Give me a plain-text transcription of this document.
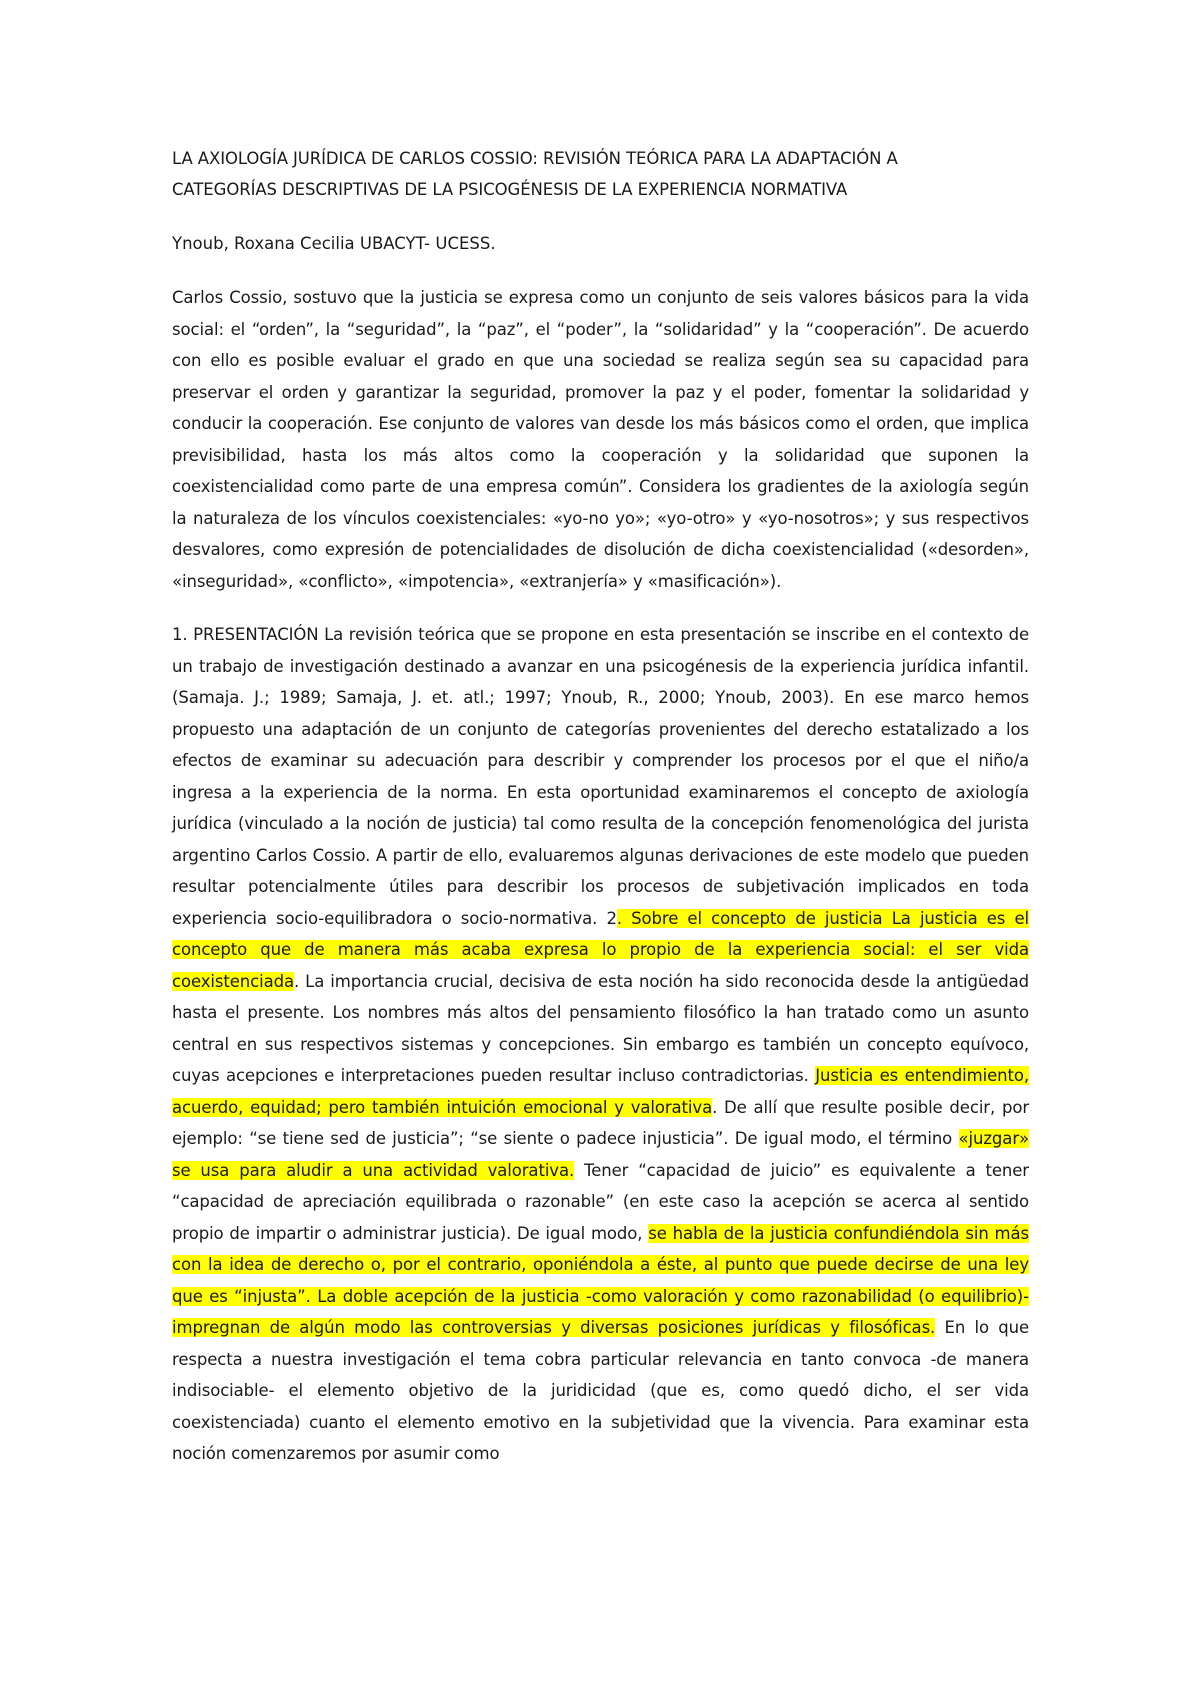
LA AXIOLOGÍA JURÍDICA DE CARLOS COSSIO: REVISIÓN TEÓRICA PARA LA ADAPTACIÓN A
CATEGORÍAS DESCRIPTIVAS DE LA PSICOGÉNESIS DE LA EXPERIENCIA NORMATIVA
Ynoub, Roxana Cecilia UBACYT- UCESS.
Carlos Cossio, sostuvo que la justicia se expresa como un conjunto de seis valores básicos para la vida social: el “orden”, la “seguridad”, la “paz”, el “poder”, la “solidaridad” y la “cooperación”. De acuerdo con ello es posible evaluar el grado en que una sociedad se realiza según sea su capacidad para preservar el orden y garantizar la seguridad, promover la paz y el poder, fomentar la solidaridad y conducir la cooperación. Ese conjunto de valores van desde los más básicos como el orden, que implica previsibilidad, hasta los más altos como la cooperación y la solidaridad que suponen la coexistencialidad como parte de una empresa común”. Considera los gradientes de la axiología según la naturaleza de los vínculos coexistenciales: «yo-no yo»; «yo-otro» y «yo-nosotros»; y sus respectivos desvalores, como expresión de potencialidades de disolución de dicha coexistencialidad («desorden», «inseguridad», «conflicto», «impotencia», «extranjería» y «masificación»).
1. PRESENTACIÓN La revisión teórica que se propone en esta presentación se inscribe en el contexto de un trabajo de investigación destinado a avanzar en una psicogénesis de la experiencia jurídica infantil. (Samaja. J.; 1989; Samaja, J. et. atl.; 1997; Ynoub, R., 2000; Ynoub, 2003). En ese marco hemos propuesto una adaptación de un conjunto de categorías provenientes del derecho estatalizado a los efectos de examinar su adecuación para describir y comprender los procesos por el que el niño/a ingresa a la experiencia de la norma. En esta oportunidad examinaremos el concepto de axiología jurídica (vinculado a la noción de justicia) tal como resulta de la concepción fenomenológica del jurista argentino Carlos Cossio. A partir de ello, evaluaremos algunas derivaciones de este modelo que pueden resultar potencialmente útiles para describir los procesos de subjetivación implicados en toda experiencia socio-equilibradora o socio-normativa. 2. Sobre el concepto de justicia La justicia es el concepto que de manera más acaba expresa lo propio de la experiencia social: el ser vida coexistenciada. La importancia crucial, decisiva de esta noción ha sido reconocida desde la antigüedad hasta el presente. Los nombres más altos del pensamiento filosófico la han tratado como un asunto central en sus respectivos sistemas y concepciones. Sin embargo es también un concepto equívoco, cuyas acepciones e interpretaciones pueden resultar incluso contradictorias. Justicia es entendimiento, acuerdo, equidad; pero también intuición emocional y valorativa. De allí que resulte posible decir, por ejemplo: “se tiene sed de justicia”; “se siente o padece injusticia”. De igual modo, el término «juzgar» se usa para aludir a una actividad valorativa. Tener “capacidad de juicio” es equivalente a tener “capacidad de apreciación equilibrada o razonable” (en este caso la acepción se acerca al sentido propio de impartir o administrar justicia). De igual modo, se habla de la justicia confundiéndola sin más con la idea de derecho o, por el contrario, oponiéndola a éste, al punto que puede decirse de una ley que es “injusta”. La doble acepción de la justicia -como valoración y como razonabilidad (o equilibrio)- impregnan de algún modo las controversias y diversas posiciones jurídicas y filosóficas. En lo que respecta a nuestra investigación el tema cobra particular relevancia en tanto convoca -de manera indisociable- el elemento objetivo de la juridicidad (que es, como quedó dicho, el ser vida coexistenciada) cuanto el elemento emotivo en la subjetividad que la vivencia. Para examinar esta noción comenzaremos por asumir como
